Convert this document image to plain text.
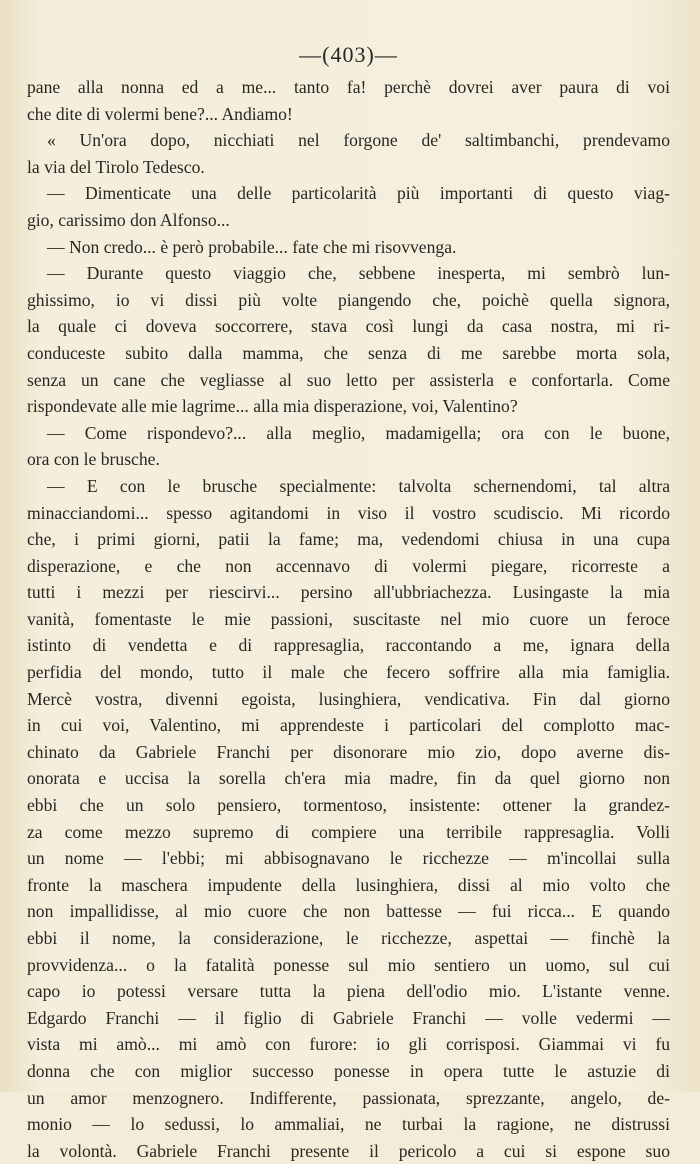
—(403)—
pane alla nonna ed a me... tanto fa! perchè dovrei aver paura di voi
che dite di volermi bene?... Andiamo!
« Un'ora dopo, nicchiati nel forgone de' saltimbanchi, prendevamo
la via del Tirolo Tedesco.
— Dimenticate una delle particolarità più importanti di questo viag-
gio, carissimo don Alfonso...
— Non credo... è però probabile... fate che mi risovvenga.
— Durante questo viaggio che, sebbene inesperta, mi sembrò lun-
ghissimo, io vi dissi più volte piangendo che, poichè quella signora,
la quale ci doveva soccorrere, stava così lungi da casa nostra, mi ri-
conduceste subito dalla mamma, che senza di me sarebbe morta sola,
senza un cane che vegliasse al suo letto per assisterla e confortarla. Come
rispondevate alle mie lagrime... alla mia disperazione, voi, Valentino?
— Come rispondevo?... alla meglio, madamigella; ora con le buone,
ora con le brusche.
— E con le brusche specialmente: talvolta schernendomi, tal altra
minacciandomi... spesso agitandomi in viso il vostro scudiscio. Mi ricordo
che, i primi giorni, patii la fame; ma, vedendomi chiusa in una cupa
disperazione, e che non accennavo di volermi piegare, ricorreste a
tutti i mezzi per riescirvi... persino all'ubbriachezza. Lusingaste la mia
vanità, fomentaste le mie passioni, suscitaste nel mio cuore un feroce
istinto di vendetta e di rappresaglia, raccontando a me, ignara della
perfidia del mondo, tutto il male che fecero soffrire alla mia famiglia.
Mercè vostra, divenni egoista, lusinghiera, vendicativa. Fin dal giorno
in cui voi, Valentino, mi apprendeste i particolari del complotto mac-
chinato da Gabriele Franchi per disonorare mio zio, dopo averne dis-
onorata e uccisa la sorella ch'era mia madre, fin da quel giorno non
ebbi che un solo pensiero, tormentoso, insistente: ottener la grandez-
za come mezzo supremo di compiere una terribile rappresaglia. Volli
un nome — l'ebbi; mi abbisognavano le ricchezze — m'incollai sulla
fronte la maschera impudente della lusinghiera, dissi al mio volto che
non impallidisse, al mio cuore che non battesse — fui ricca... E quando
ebbi il nome, la considerazione, le ricchezze, aspettai — finchè la
provvidenza... o la fatalità ponesse sul mio sentiero un uomo, sul cui
capo io potessi versare tutta la piena dell'odio mio. L'istante venne.
Edgardo Franchi — il figlio di Gabriele Franchi — volle vedermi —
vista mi amò... mi amò con furore: io gli corrisposi. Giammai vi fu
donna che con miglior successo ponesse in opera tutte le astuzie di
un amor menzognero. Indifferente, passionata, sprezzante, angelo, de-
monio — lo sedussi, lo ammaliai, ne turbai la ragione, ne distrussi
la volontà. Gabriele Franchi presente il pericolo a cui si espone suo
